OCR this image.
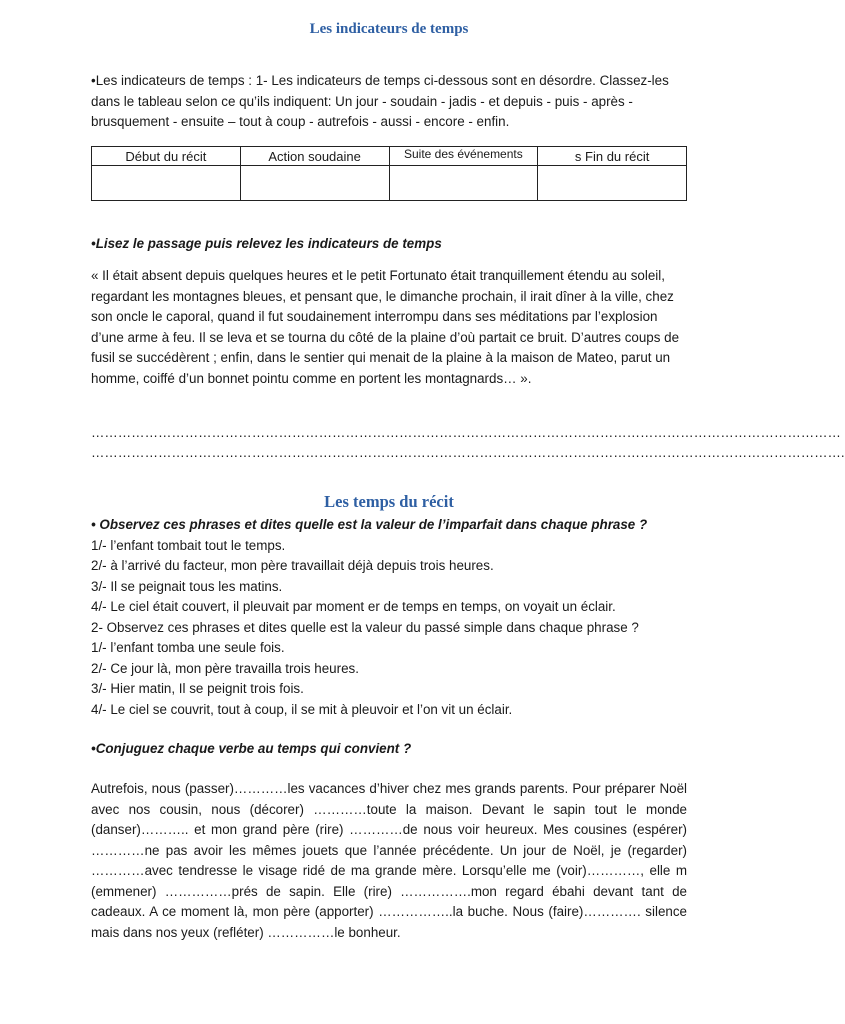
Les indicateurs de temps

•Les indicateurs de temps : 1- Les indicateurs de temps ci-dessous sont en désordre. Classez-les dans le tableau selon ce qu’ils indiquent: Un jour - soudain - jadis - et depuis - puis - après - brusquement - ensuite – tout à coup - autrefois - aussi - encore - enfin.

Début du récit	Action soudaine	Suite des événements	s Fin du récit

•Lisez le passage puis relevez les indicateurs de temps

« Il était absent depuis quelques heures et le petit Fortunato était tranquillement étendu au soleil, regardant les montagnes bleues, et pensant que, le dimanche prochain, il irait dîner à la ville, chez son oncle le caporal, quand il fut soudainement interrompu dans ses méditations par l’explosion d’une arme à feu. Il se leva et se tourna du côté de la plaine d’où partait ce bruit. D’autres coups de fusil se succédèrent ; enfin, dans le sentier qui menait de la plaine à la maison de Mateo, parut un homme, coiffé d’un bonnet pointu comme en portent les montagnards… ».

……………………………………………………………………………………………………………………………………………………
…………………………………………………………………………………………………………………………………………………….
Les temps du récit
• Observez ces phrases et dites quelle est la valeur de l’imparfait dans chaque phrase ?
1/- l’enfant tombait tout le temps.
2/- à l’arrivé du facteur, mon père travaillait déjà depuis trois heures.
3/- Il se peignait tous les matins.
4/- Le ciel était couvert, il pleuvait par moment er de temps en temps, on voyait un éclair.
2- Observez ces phrases et dites quelle est la valeur du passé simple dans chaque phrase ?
1/- l’enfant tomba une seule fois.
2/- Ce jour là, mon père travailla trois heures.
3/- Hier matin, Il se peignit trois fois.
4/- Le ciel se couvrit, tout à coup, il se mit à pleuvoir et l’on vit un éclair.

•Conjuguez chaque verbe au temps qui convient ?

Autrefois, nous (passer)…………les vacances d’hiver chez mes grands parents. Pour préparer Noël avec nos cousin, nous (décorer) …………toute la maison. Devant le sapin tout le monde (danser)……….. et mon grand père (rire) …………de nous voir heureux. Mes cousines (espérer) …………ne pas avoir les mêmes jouets que l’année précédente. Un jour de Noël, je (regarder) …………avec tendresse le visage ridé de ma grande mère. Lorsqu’elle me (voir)…………, elle m (emmener) ……………prés de sapin. Elle (rire) …………….mon regard ébahi devant tant de cadeaux. A ce moment là, mon père (apporter) ……………..la buche. Nous (faire)…………. silence mais dans nos yeux (refléter) ……………le bonheur.
